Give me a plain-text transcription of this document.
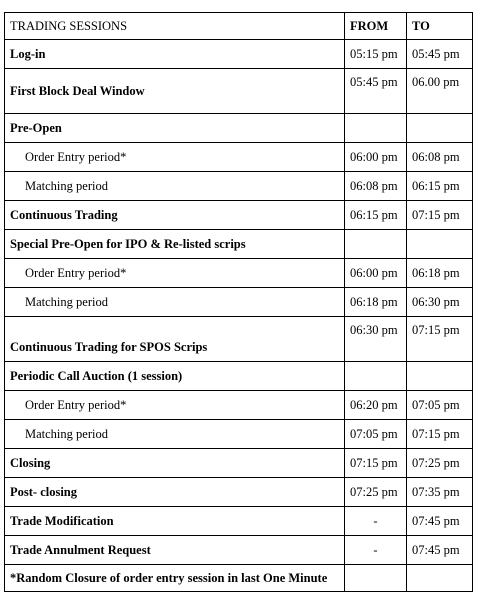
TRADING SESSIONS	FROM	TO
Log-in	05:15 pm	05:45 pm
First Block Deal Window	05:45 pm	06.00 pm
Pre-Open		
Order Entry period*	06:00 pm	06:08 pm
Matching period	06:08 pm	06:15 pm
Continuous Trading	06:15 pm	07:15 pm
Special Pre-Open for IPO & Re-listed scrips		
Order Entry period*	06:00 pm	06:18 pm
Matching period	06:18 pm	06:30 pm
Continuous Trading for SPOS Scrips	06:30 pm	07:15 pm
Periodic Call Auction (1 session)		
Order Entry period*	06:20 pm	07:05 pm
Matching period	07:05 pm	07:15 pm
Closing	07:15 pm	07:25 pm
Post- closing	07:25 pm	07:35 pm
Trade Modification	-	07:45 pm
Trade Annulment Request	-	07:45 pm
*Random Closure of order entry session in last One Minute		
